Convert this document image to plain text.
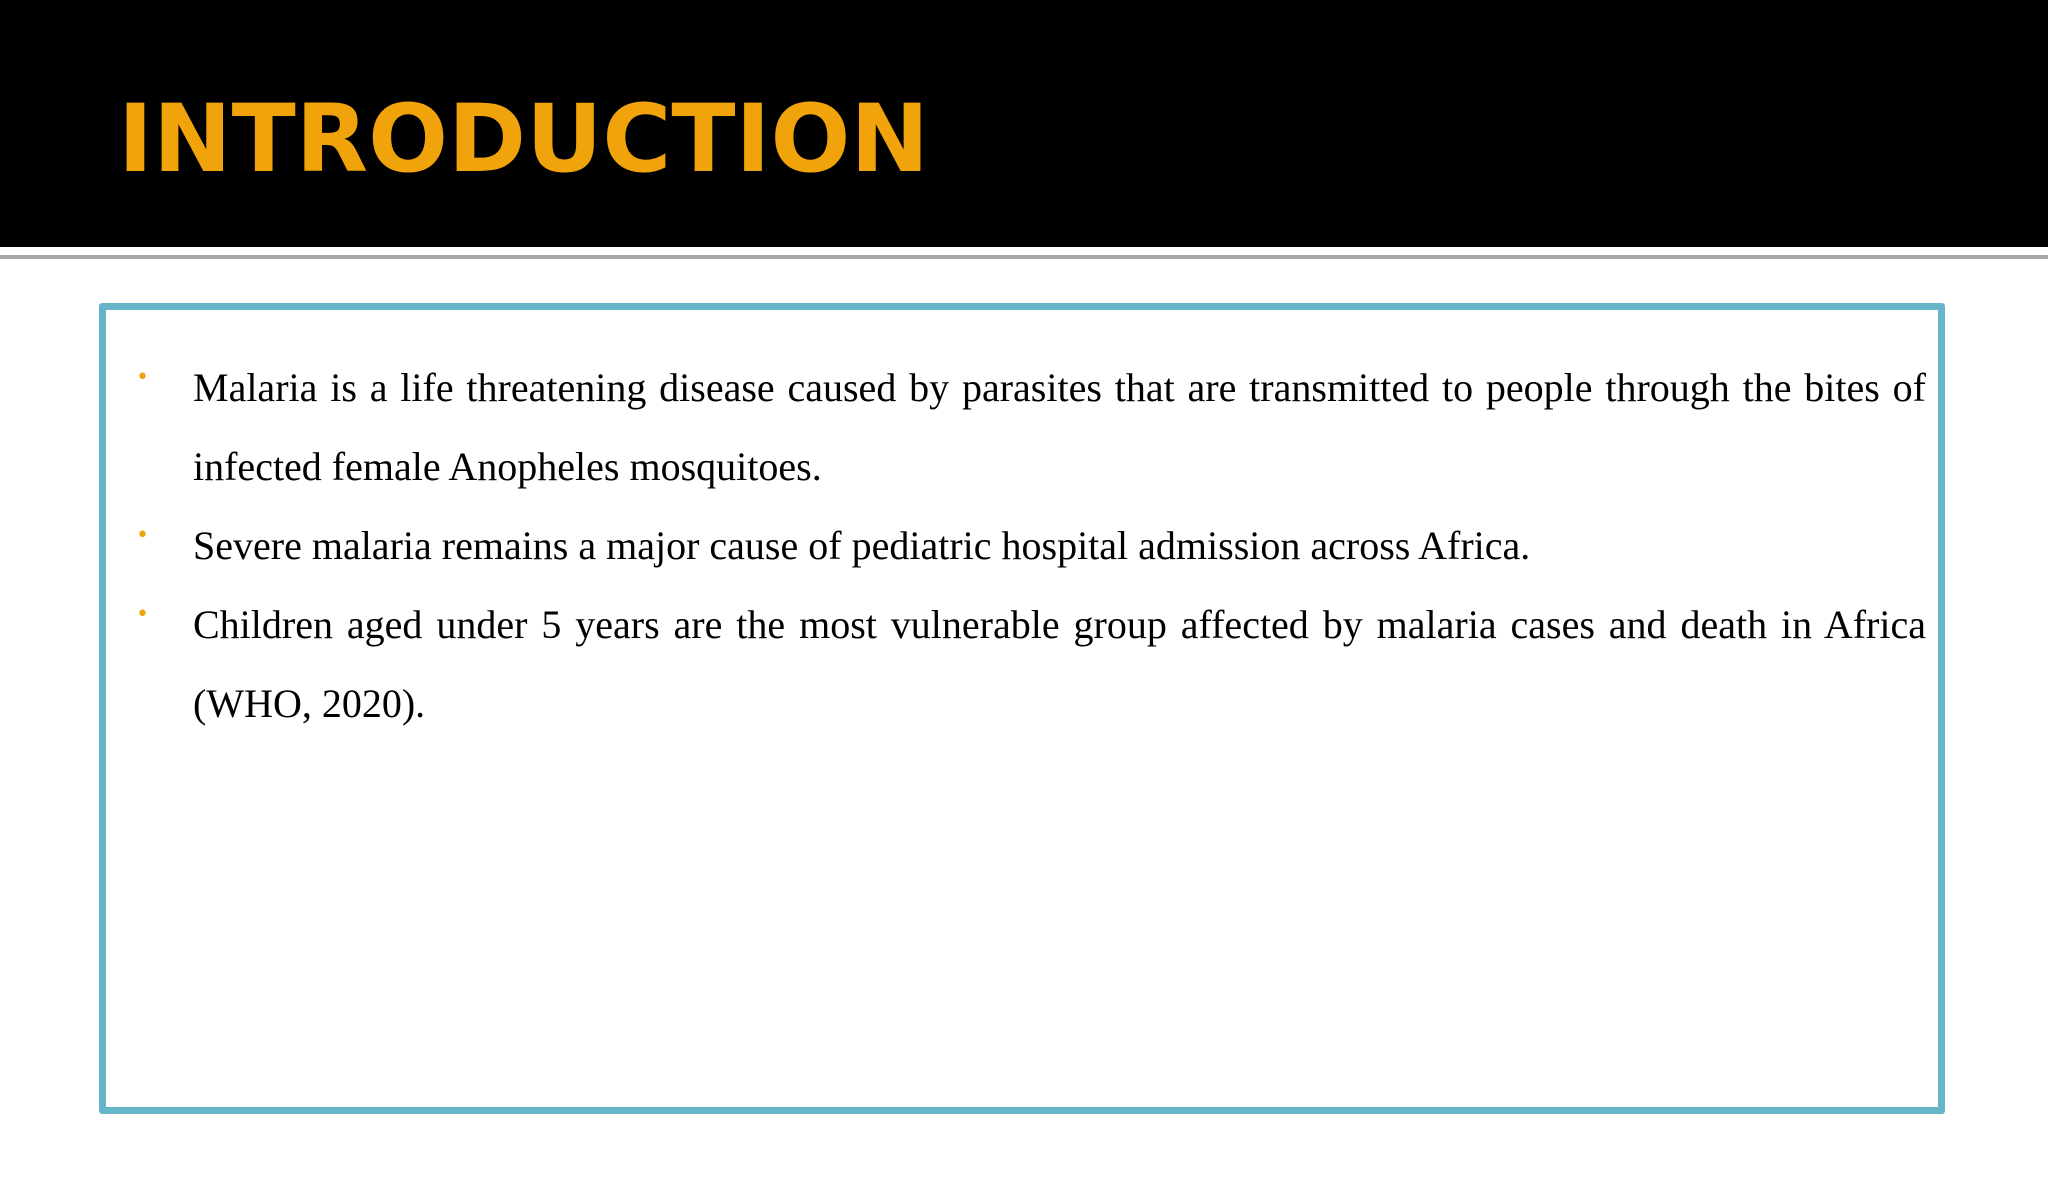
INTRODUCTION
• Malaria is a life threatening disease caused by parasites that are transmitted to people through the bites of infected female Anopheles mosquitoes.
• Severe malaria remains a major cause of pediatric hospital admission across Africa.
• Children aged under 5 years are the most vulnerable group affected by malaria cases and death in Africa (WHO, 2020).
